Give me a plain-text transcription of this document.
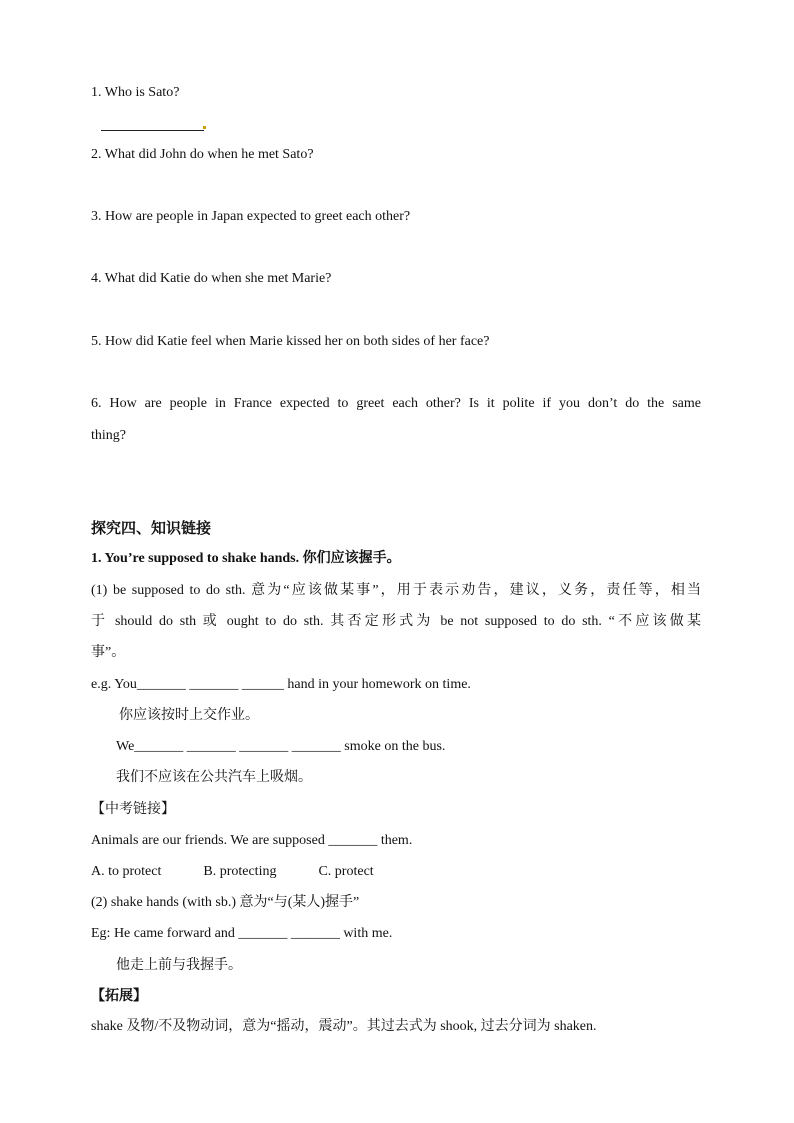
1. Who is Sato?
2. What did John do when he met Sato?
3. How are people in Japan expected to greet each other?
4. What did Katie do when she met Marie?
5. How did Katie feel when Marie kissed her on both sides of her face?
6. How are people in France expected to greet each other? Is it polite if you don’t do the same
thing?
探究四、知识链接
1. You’re supposed to shake hands. 你们应该握手。
(1) be supposed to do sth. 意为“应该做某事”，用于表示劝告，建议，义务，责任等，相当
于 should do sth 或 ought to do sth. 其否定形式为 be not supposed to do sth. “不应该做某
事”。
e.g. You_______ _______ ______ hand in your homework on time.
你应该按时上交作业。
We_______ _______ _______ _______ smoke on the bus.
我们不应该在公共汽车上吸烟。
【中考链接】
Animals are our friends. We are supposed _______ them.
A. to protect            B. protecting            C. protect
(2) shake hands (with sb.) 意为“与(某人)握手”
Eg: He came forward and _______ _______ with me.
他走上前与我握手。
【拓展】
shake 及物/不及物动词，意为“摇动，震动”。其过去式为 shook, 过去分词为 shaken.
